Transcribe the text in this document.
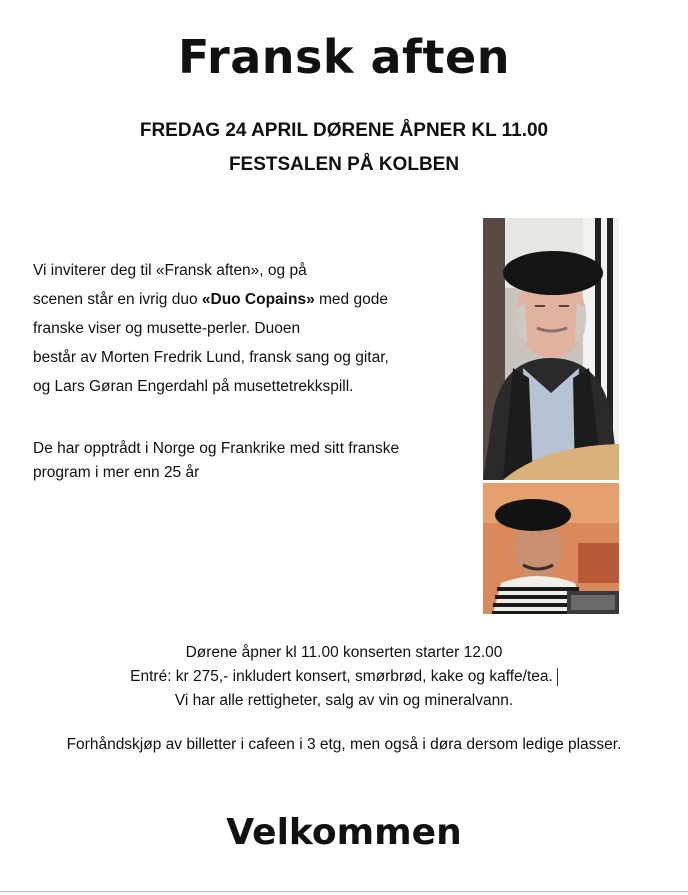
Fransk aften
FREDAG 24 APRIL DØRENE ÅPNER KL 11.00
FESTSALEN PÅ KOLBEN
Vi inviterer deg til «Fransk aften», og på
scenen står en ivrig duo «Duo Copains» med gode
franske viser og musette-perler. Duoen
består av Morten Fredrik Lund, fransk sang og gitar,
og Lars Gøran Engerdahl på musettetrekkspill.
De har opptrådt i Norge og Frankrike med sitt franske
program i mer enn 25 år
Dørene åpner kl 11.00 konserten starter 12.00
Entré: kr 275,- inkludert konsert, smørbrød, kake og kaffe/tea.
Vi har alle rettigheter, salg av vin og mineralvann.
Forhåndskjøp av billetter i cafeen i 3 etg, men også i døra dersom ledige plasser.
Velkommen
